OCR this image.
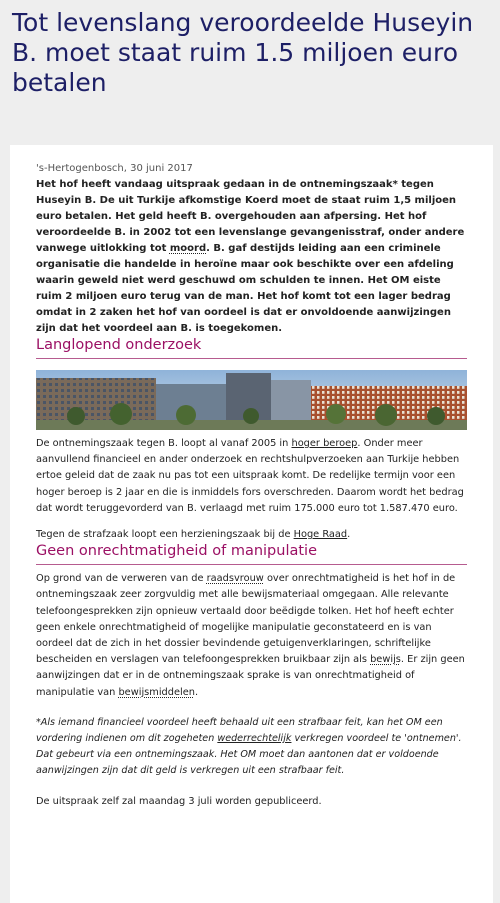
Tot levenslang veroordeelde Huseyin B. moet staat ruim 1.5 miljoen euro betalen
's-Hertogenbosch, 30 juni 2017

Het hof heeft vandaag uitspraak gedaan in de ontnemingszaak* tegen Huseyin B. De uit Turkije afkomstige Koerd moet de staat ruim 1,5 miljoen euro betalen. Het geld heeft B. overgehouden aan afpersing. Het hof veroordeelde B. in 2002 tot een levenslange gevangenisstraf, onder andere vanwege uitlokking tot moord. B. gaf destijds leiding aan een criminele organisatie die handelde in heroïne maar ook beschikte over een afdeling waarin geweld niet werd geschuwd om schulden te innen. Het OM eiste ruim 2 miljoen euro terug van de man. Het hof komt tot een lager bedrag omdat in 2 zaken het hof van oordeel is dat er onvoldoende aanwijzingen zijn dat het voordeel aan B. is toegekomen.

Langlopend onderzoek

De ontnemingszaak tegen B. loopt al vanaf 2005 in hoger beroep. Onder meer aanvullend financieel en ander onderzoek en rechtshulpverzoeken aan Turkije hebben ertoe geleid dat de zaak nu pas tot een uitspraak komt. De redelijke termijn voor een hoger beroep is 2 jaar en die is inmiddels fors overschreden. Daarom wordt het bedrag dat wordt teruggevorderd van B. verlaagd met ruim 175.000 euro tot 1.587.470 euro.

Tegen de strafzaak loopt een herzieningszaak bij de Hoge Raad.

Geen onrechtmatigheid of manipulatie

Op grond van de verweren van de raadsvrouw over onrechtmatigheid is het hof in de ontnemingszaak zeer zorgvuldig met alle bewijsmateriaal omgegaan. Alle relevante telefoongesprekken zijn opnieuw vertaald door beëdigde tolken. Het hof heeft echter geen enkele onrechtmatigheid of mogelijke manipulatie geconstateerd en is van oordeel dat de zich in het dossier bevindende getuigenverklaringen, schriftelijke bescheiden en verslagen van telefoongesprekken bruikbaar zijn als bewijs. Er zijn geen aanwijzingen dat er in de ontnemingszaak sprake is van onrechtmatigheid of manipulatie van bewijsmiddelen.

*Als iemand financieel voordeel heeft behaald uit een strafbaar feit, kan het OM een vordering indienen om dit zogeheten wederrechtelijk verkregen voordeel te 'ontnemen'. Dat gebeurt via een ontnemingszaak. Het OM moet dan aantonen dat er voldoende aanwijzingen zijn dat dit geld is verkregen uit een strafbaar feit.

De uitspraak zelf zal maandag 3 juli worden gepubliceerd.
